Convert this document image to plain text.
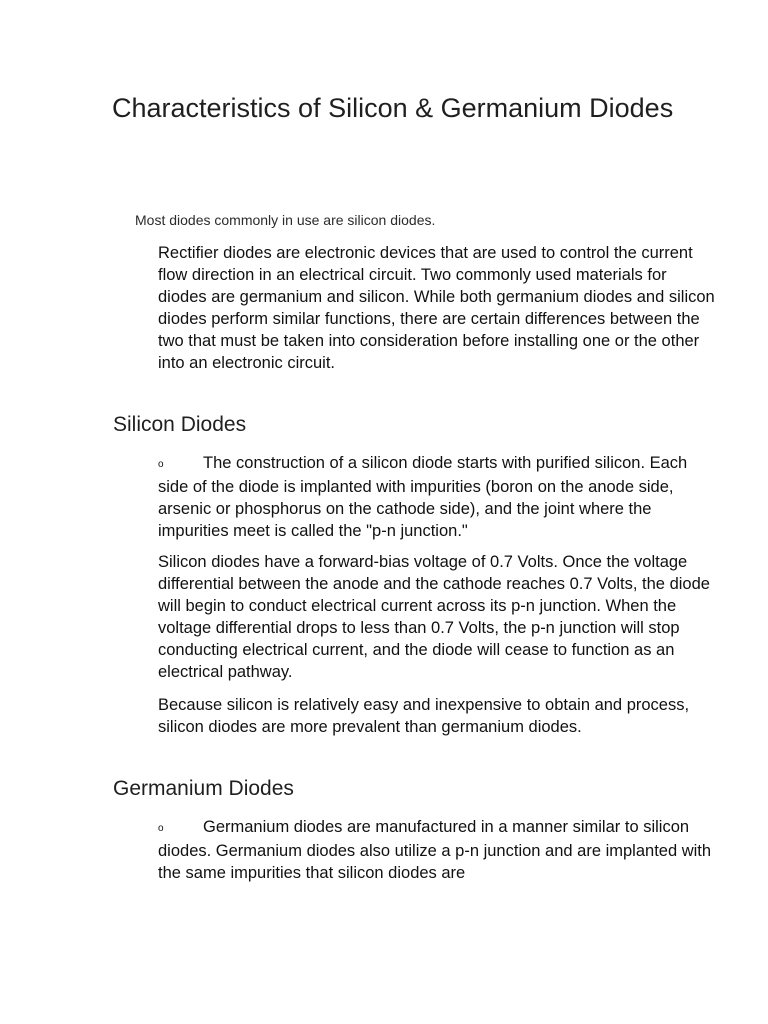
Characteristics of Silicon & Germanium Diodes

Most diodes commonly in use are silicon diodes.

Rectifier diodes are electronic devices that are used to control the current flow direction in an electrical circuit. Two commonly used materials for diodes are germanium and silicon. While both germanium diodes and silicon diodes perform similar functions, there are certain differences between the two that must be taken into consideration before installing one or the other into an electronic circuit.

Silicon Diodes

o The construction of a silicon diode starts with purified silicon. Each side of the diode is implanted with impurities (boron on the anode side, arsenic or phosphorus on the cathode side), and the joint where the impurities meet is called the "p-n junction."

Silicon diodes have a forward-bias voltage of 0.7 Volts. Once the voltage differential between the anode and the cathode reaches 0.7 Volts, the diode will begin to conduct electrical current across its p-n junction. When the voltage differential drops to less than 0.7 Volts, the p-n junction will stop conducting electrical current, and the diode will cease to function as an electrical pathway.

Because silicon is relatively easy and inexpensive to obtain and process, silicon diodes are more prevalent than germanium diodes.

Germanium Diodes

o Germanium diodes are manufactured in a manner similar to silicon diodes. Germanium diodes also utilize a p-n junction and are implanted with the same impurities that silicon diodes are
